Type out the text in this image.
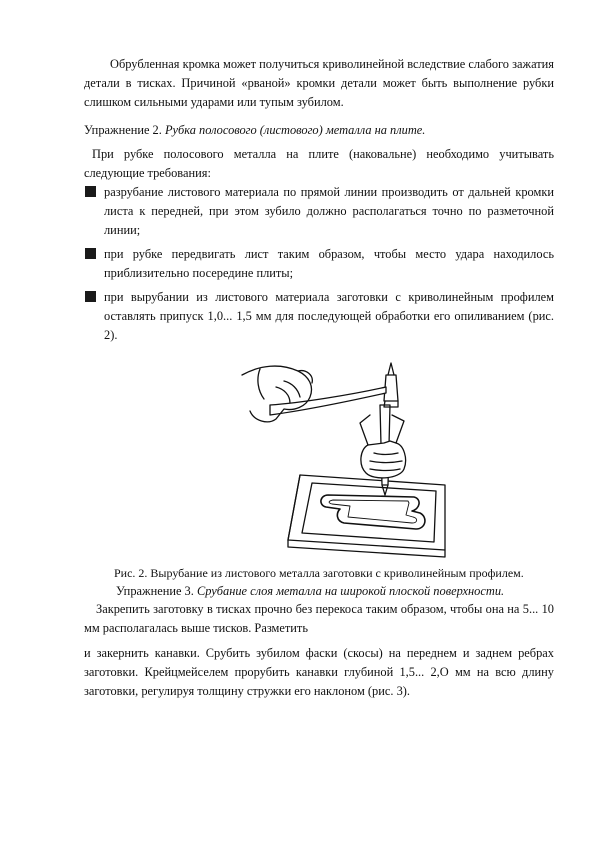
Обрубленная кромка может получиться криволинейной вследствие слабого зажатия детали в тисках. Причиной «рваной» кромки детали может быть выполнение рубки слишком сильными ударами или тупым зубилом.
Упражнение 2. Рубка полосового (листового) металла на плите.
При рубке полосового металла на плите (наковальне) необходимо учитывать следующие требования:
разрубание листового материала по прямой линии производить от дальней кромки листа к передней, при этом зубило должно располагаться точно по разметочной линии;
при рубке передвигать лист таким образом, чтобы место удара находилось приблизительно посередине плиты;
при вырубании из листового материала заготовки с криволинейным профилем оставлять припуск 1,0... 1,5 мм для последующей обработки его опиливанием (рис. 2).
Рис. 2. Вырубание из листового металла заготовки с криволинейным профилем.
Упражнение 3. Срубание слоя металла на широкой плоской поверхности.
Закрепить заготовку в тисках прочно без перекоса таким образом, чтобы она на 5... 10 мм располагалась выше тисков. Разметить
и закернить канавки. Срубить зубилом фаски (скосы) на переднем и заднем ребрах заготовки. Крейцмейселем прорубить канавки глубиной 1,5... 2,О мм на всю длину заготовки, регулируя толщину стружки его наклоном (рис. 3).
